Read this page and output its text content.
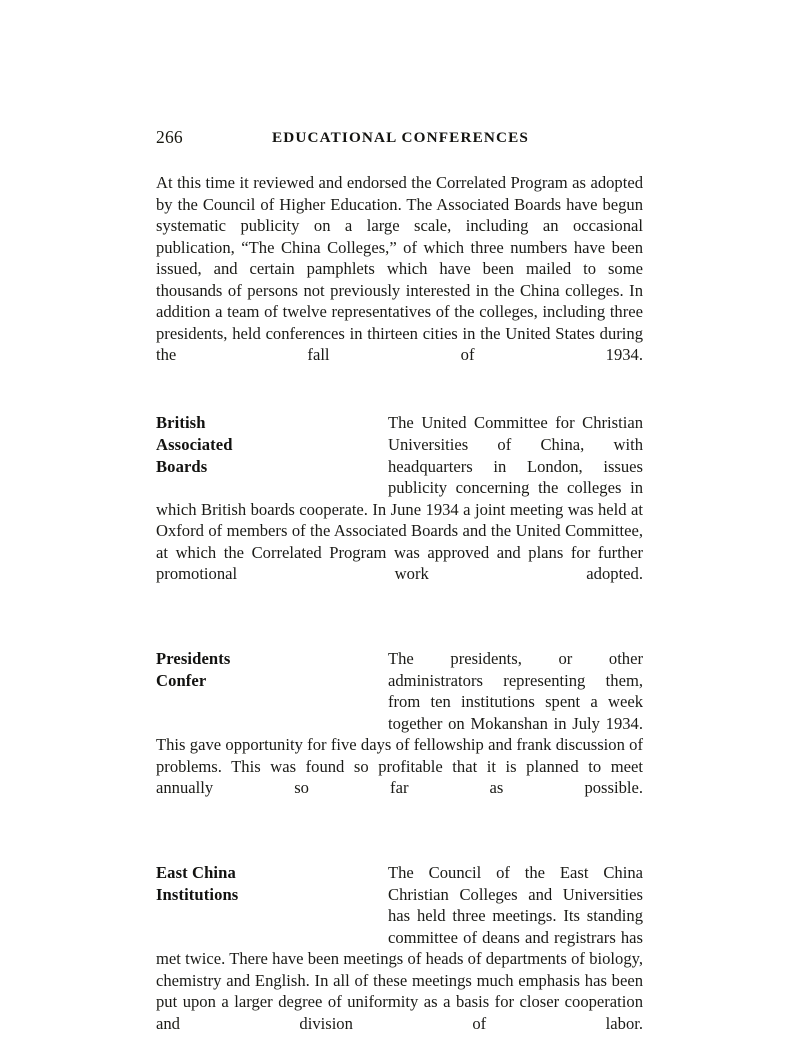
266	EDUCATIONAL CONFERENCES

At this time it reviewed and endorsed the Correlated Program as adopted by the Council of Higher Education. The Associated Boards have begun systematic publicity on a large scale, including an occasional publication, “The China Colleges,” of which three numbers have been issued, and certain pamphlets which have been mailed to some thousands of persons not previously interested in the China colleges. In addition a team of twelve representatives of the colleges, including three presidents, held conferences in thirteen cities in the United States during the fall of 1934.

British
Associated
Boards

The United Committee for Christian Universities of China, with headquarters in London, issues publicity concerning the colleges in which British boards cooperate. In June 1934 a joint meeting was held at Oxford of members of the Associated Boards and the United Committee, at which the Correlated Program was approved and plans for further promotional work adopted.

Presidents
Confer

The presidents, or other administrators representing them, from ten institutions spent a week together on Mokanshan in July 1934. This gave opportunity for five days of fellowship and frank discussion of problems. This was found so profitable that it is planned to meet annually so far as possible.

East China
Institutions

The Council of the East China Christian Colleges and Universities has held three meetings. Its standing committee of deans and registrars has met twice. There have been meetings of heads of departments of biology, chemistry and English. In all of these meetings much emphasis has been put upon a larger degree of uniformity as a basis for closer cooperation and division of labor.
